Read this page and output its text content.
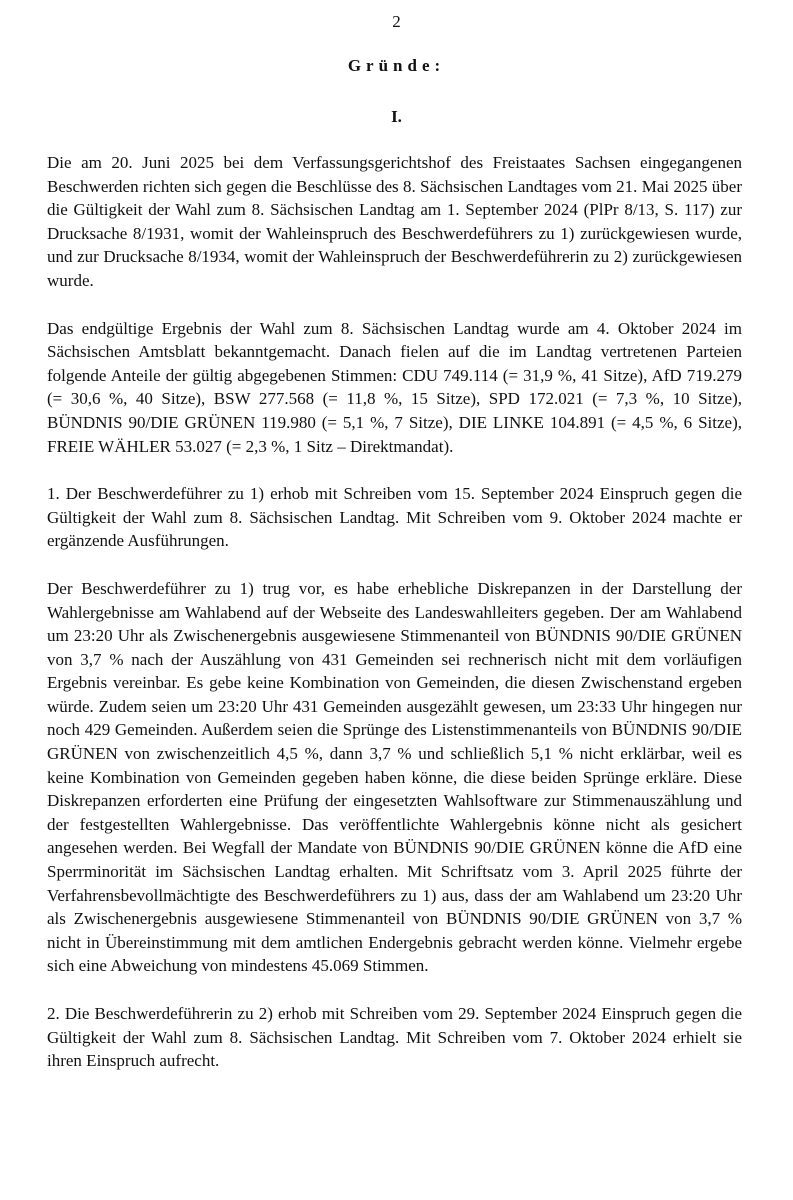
2
Gründe:
I.

Die am 20. Juni 2025 bei dem Verfassungsgerichtshof des Freistaates Sachsen eingegangenen Beschwerden richten sich gegen die Beschlüsse des 8. Sächsischen Landtages vom 21. Mai 2025 über die Gültigkeit der Wahl zum 8. Sächsischen Landtag am 1. September 2024 (PlPr 8/13, S. 117) zur Drucksache 8/1931, womit der Wahleinspruch des Beschwerdeführers zu 1) zurückgewiesen wurde, und zur Drucksache 8/1934, womit der Wahleinspruch der Beschwerdeführerin zu 2) zurückgewiesen wurde.

Das endgültige Ergebnis der Wahl zum 8. Sächsischen Landtag wurde am 4. Oktober 2024 im Sächsischen Amtsblatt bekanntgemacht. Danach fielen auf die im Landtag vertretenen Parteien folgende Anteile der gültig abgegebenen Stimmen: CDU 749.114 (= 31,9 %, 41 Sitze), AfD 719.279 (= 30,6 %, 40 Sitze), BSW 277.568 (= 11,8 %, 15 Sitze), SPD 172.021 (= 7,3 %, 10 Sitze), BÜNDNIS 90/DIE GRÜNEN 119.980 (= 5,1 %, 7 Sitze), DIE LINKE 104.891 (= 4,5 %, 6 Sitze), FREIE WÄHLER 53.027 (= 2,3 %, 1 Sitz – Direktmandat).

1. Der Beschwerdeführer zu 1) erhob mit Schreiben vom 15. September 2024 Einspruch gegen die Gültigkeit der Wahl zum 8. Sächsischen Landtag. Mit Schreiben vom 9. Oktober 2024 machte er ergänzende Ausführungen.

Der Beschwerdeführer zu 1) trug vor, es habe erhebliche Diskrepanzen in der Darstellung der Wahlergebnisse am Wahlabend auf der Webseite des Landeswahlleiters gegeben. Der am Wahlabend um 23:20 Uhr als Zwischenergebnis ausgewiesene Stimmenanteil von BÜNDNIS 90/DIE GRÜNEN von 3,7 % nach der Auszählung von 431 Gemeinden sei rechnerisch nicht mit dem vorläufigen Ergebnis vereinbar. Es gebe keine Kombination von Gemeinden, die diesen Zwischenstand ergeben würde. Zudem seien um 23:20 Uhr 431 Gemeinden ausgezählt gewesen, um 23:33 Uhr hingegen nur noch 429 Gemeinden. Außerdem seien die Sprünge des Listenstimmenanteils von BÜNDNIS 90/DIE GRÜNEN von zwischenzeitlich 4,5 %, dann 3,7 % und schließlich 5,1 % nicht erklärbar, weil es keine Kombination von Gemeinden gegeben haben könne, die diese beiden Sprünge erkläre. Diese Diskrepanzen erforderten eine Prüfung der eingesetzten Wahlsoftware zur Stimmenauszählung und der festgestellten Wahlergebnisse. Das veröffentlichte Wahlergebnis könne nicht als gesichert angesehen werden. Bei Wegfall der Mandate von BÜNDNIS 90/DIE GRÜNEN könne die AfD eine Sperrminorität im Sächsischen Landtag erhalten. Mit Schriftsatz vom 3. April 2025 führte der Verfahrensbevollmächtigte des Beschwerdeführers zu 1) aus, dass der am Wahlabend um 23:20 Uhr als Zwischenergebnis ausgewiesene Stimmenanteil von BÜNDNIS 90/DIE GRÜNEN von 3,7 % nicht in Übereinstimmung mit dem amtlichen Endergebnis gebracht werden könne. Vielmehr ergebe sich eine Abweichung von mindestens 45.069 Stimmen.

2. Die Beschwerdeführerin zu 2) erhob mit Schreiben vom 29. September 2024 Einspruch gegen die Gültigkeit der Wahl zum 8. Sächsischen Landtag. Mit Schreiben vom 7. Oktober 2024 erhielt sie ihren Einspruch aufrecht.
